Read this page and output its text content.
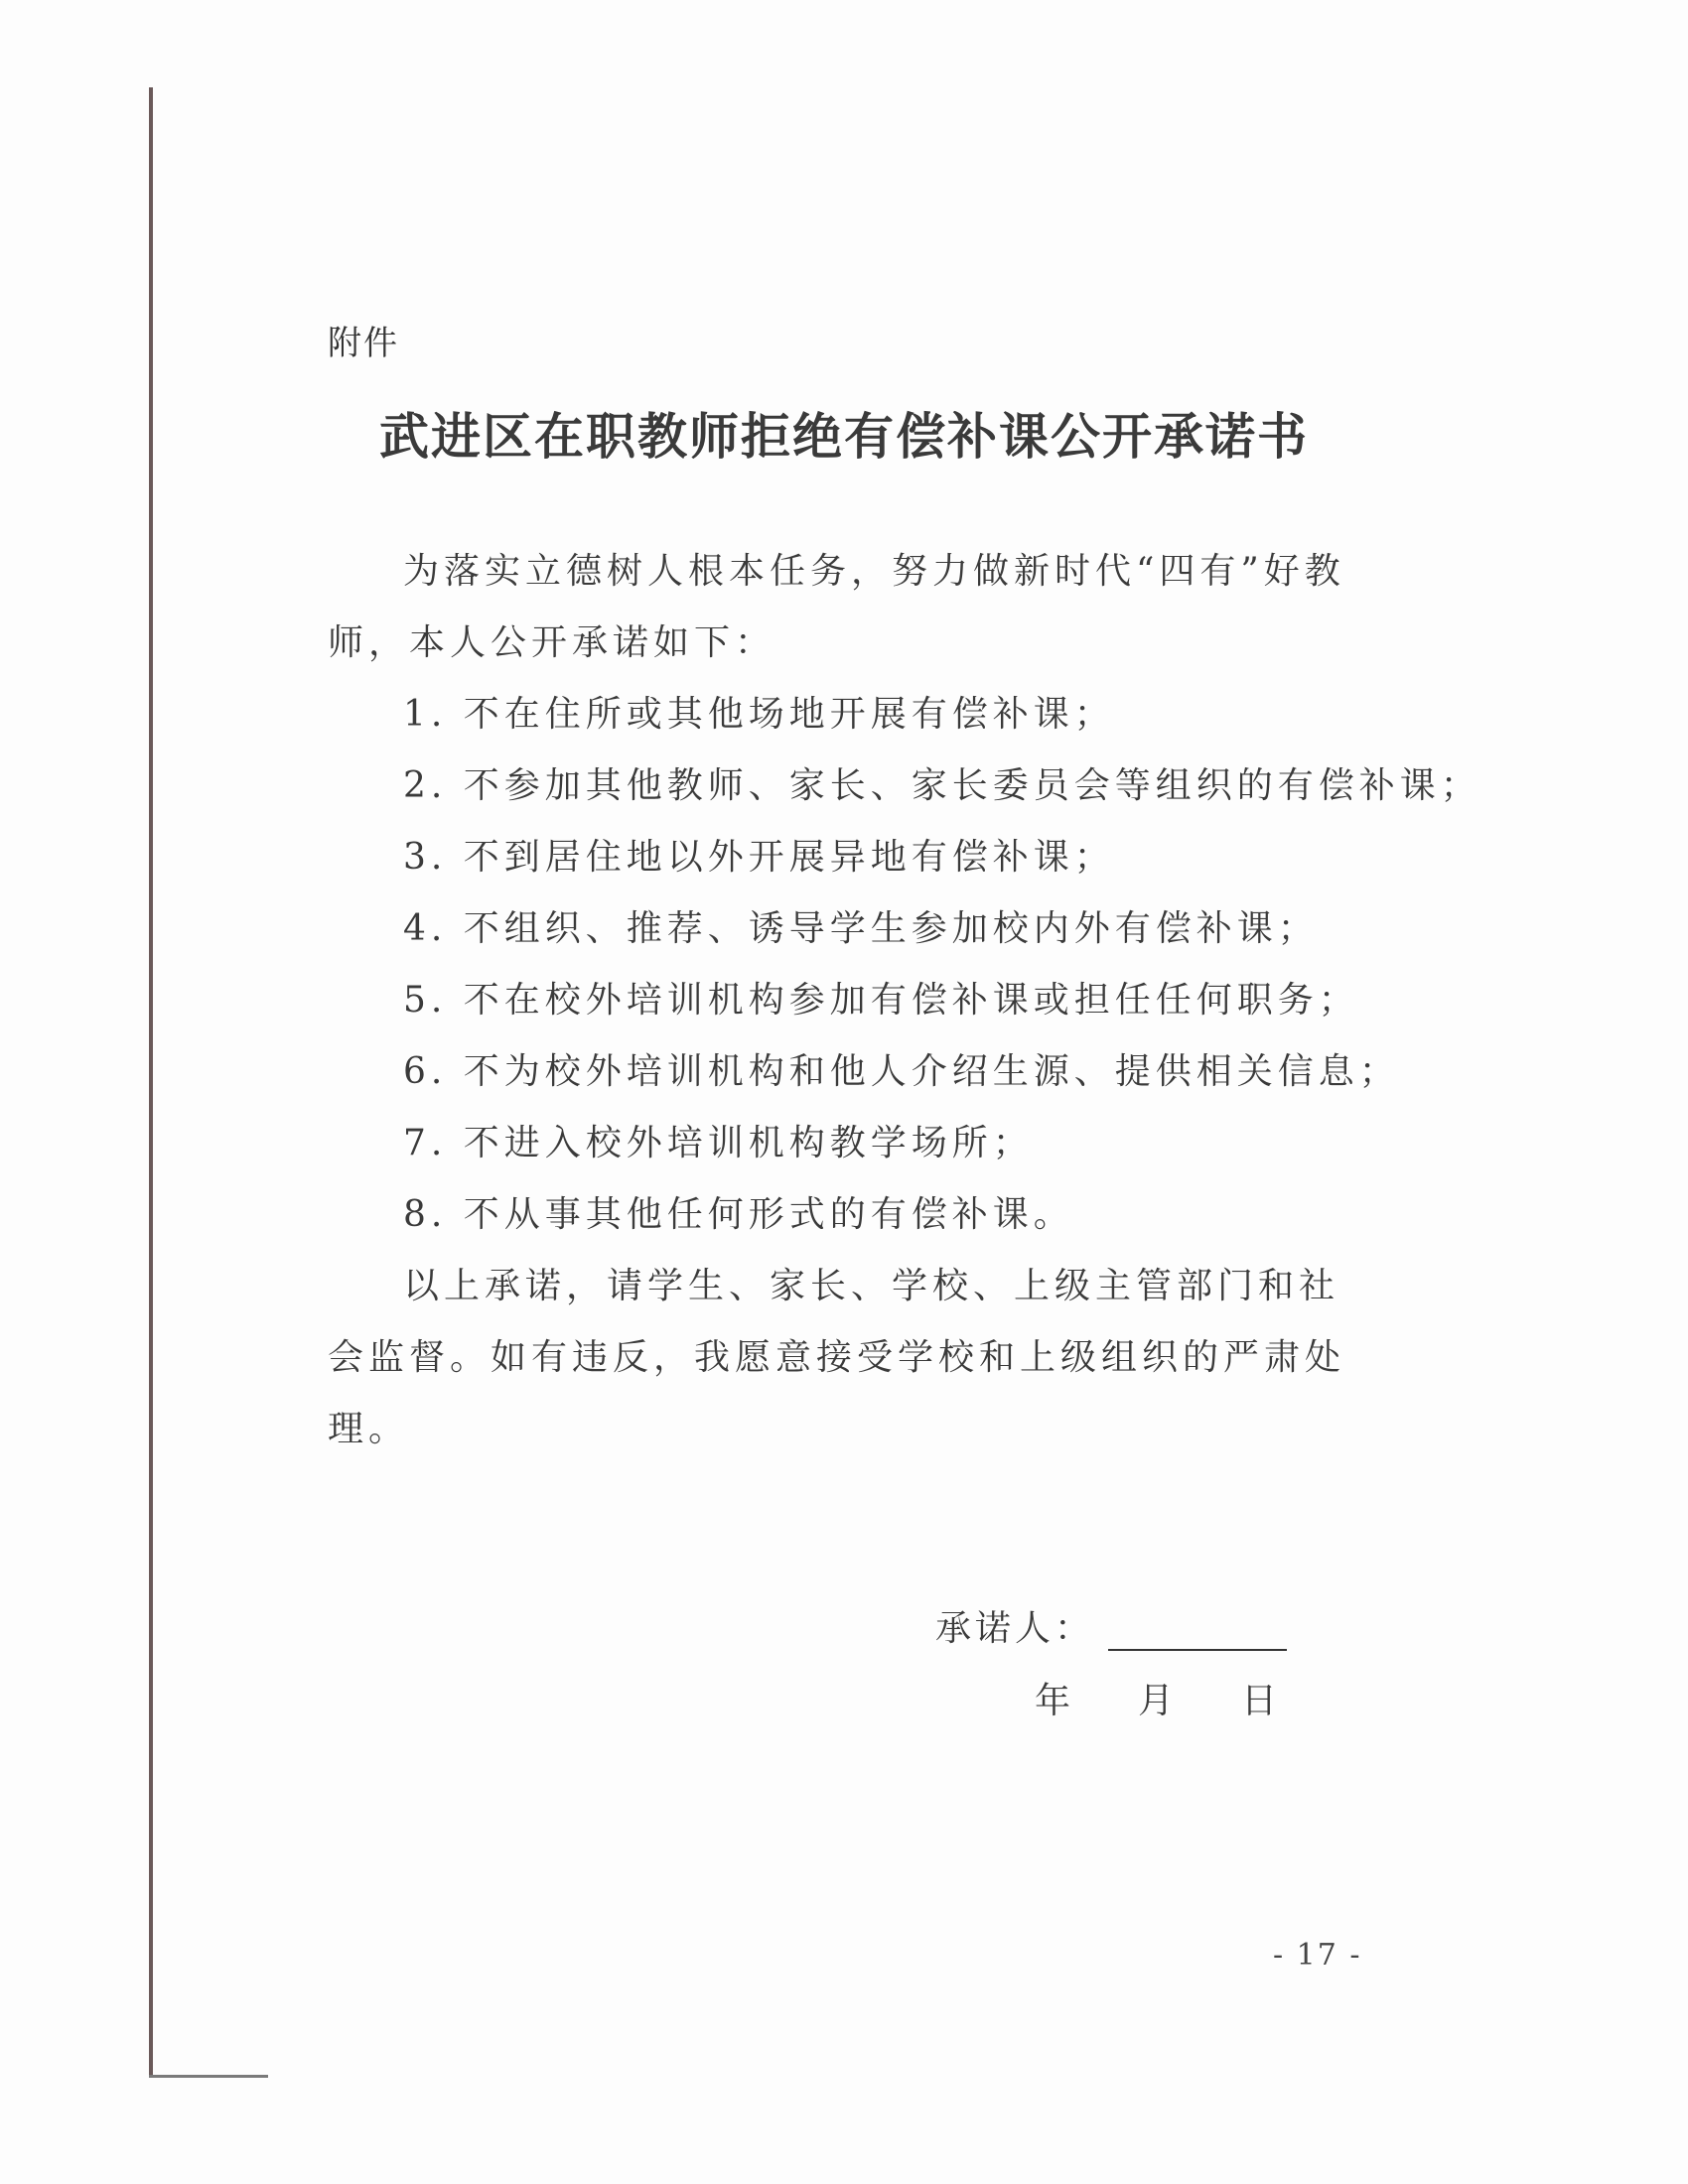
附件
武进区在职教师拒绝有偿补课公开承诺书

为落实立德树人根本任务，努力做新时代“四有”好教师，本人公开承诺如下：

1. 不在住所或其他场地开展有偿补课；
2. 不参加其他教师、家长、家长委员会等组织的有偿补课；
3. 不到居住地以外开展异地有偿补课；
4. 不组织、推荐、诱导学生参加校内外有偿补课；
5. 不在校外培训机构参加有偿补课或担任任何职务；
6. 不为校外培训机构和他人介绍生源、提供相关信息；
7. 不进入校外培训机构教学场所；
8. 不从事其他任何形式的有偿补课。

以上承诺，请学生、家长、学校、上级主管部门和社会监督。如有违反，我愿意接受学校和上级组织的严肃处理。

承诺人：
年 月 日
- 17 -
